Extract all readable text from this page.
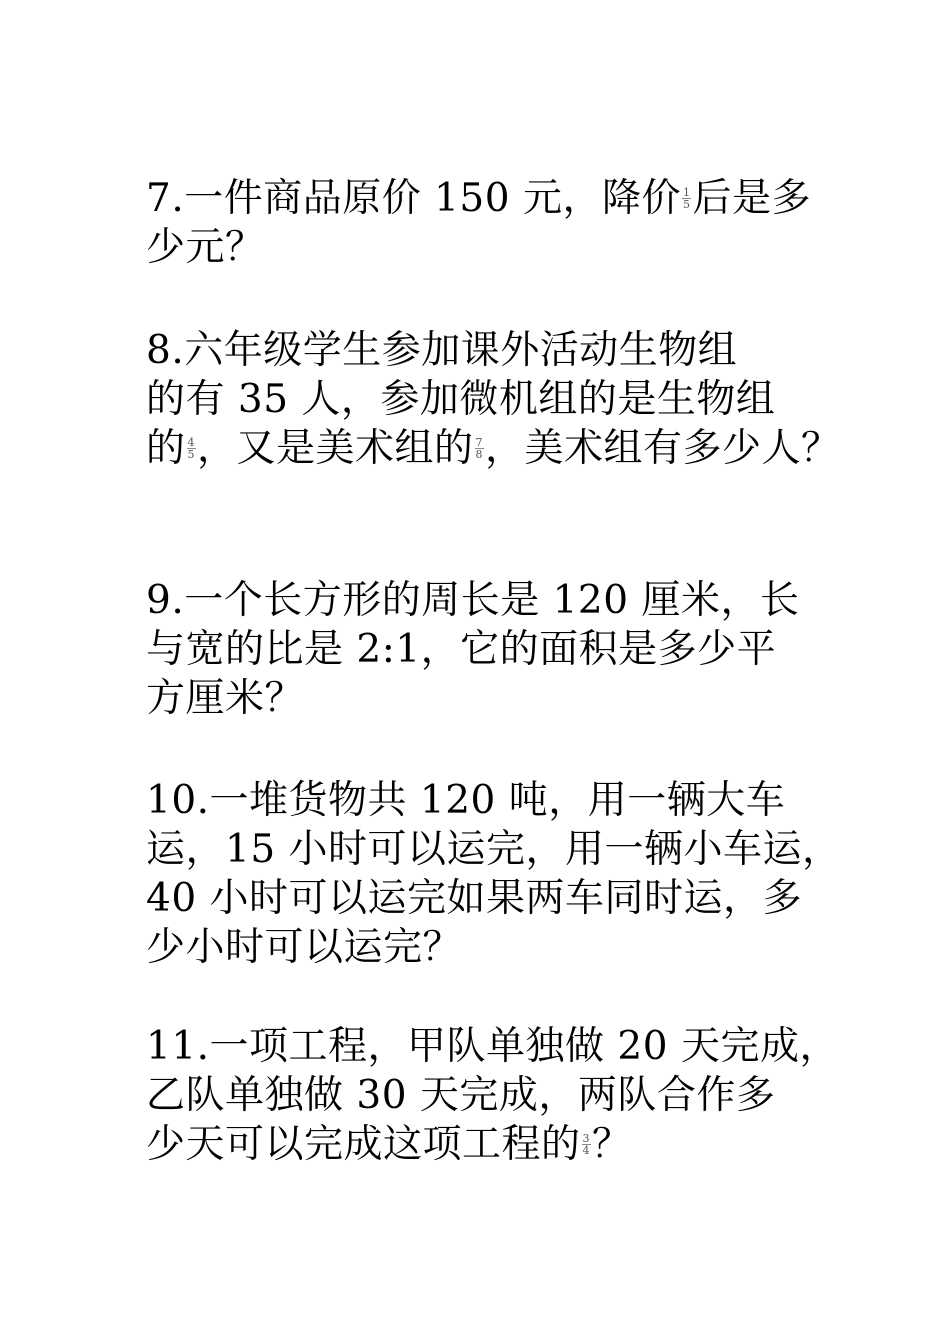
7.一件商品原价 150 元，降价 $\frac{1}{5}$ 后是多
少元？
8.六年级学生参加课外活动生物组
的有 35 人，参加微机组的是生物组
的 $\frac{4}{5}$ ，又是美术组的 $\frac{7}{8}$ ，美术组有多少人？
9.一个长方形的周长是 120 厘米，长
与宽的比是 2:1，它的面积是多少平
方厘米？
10.一堆货物共 120 吨，用一辆大车
运，15 小时可以运完，用一辆小车运，
40 小时可以运完如果两车同时运，多
少小时可以运完？
11.一项工程，甲队单独做 20 天完成，
乙队单独做 30 天完成，两队合作多
少天可以完成这项工程的 $\frac{3}{4}$ ？
